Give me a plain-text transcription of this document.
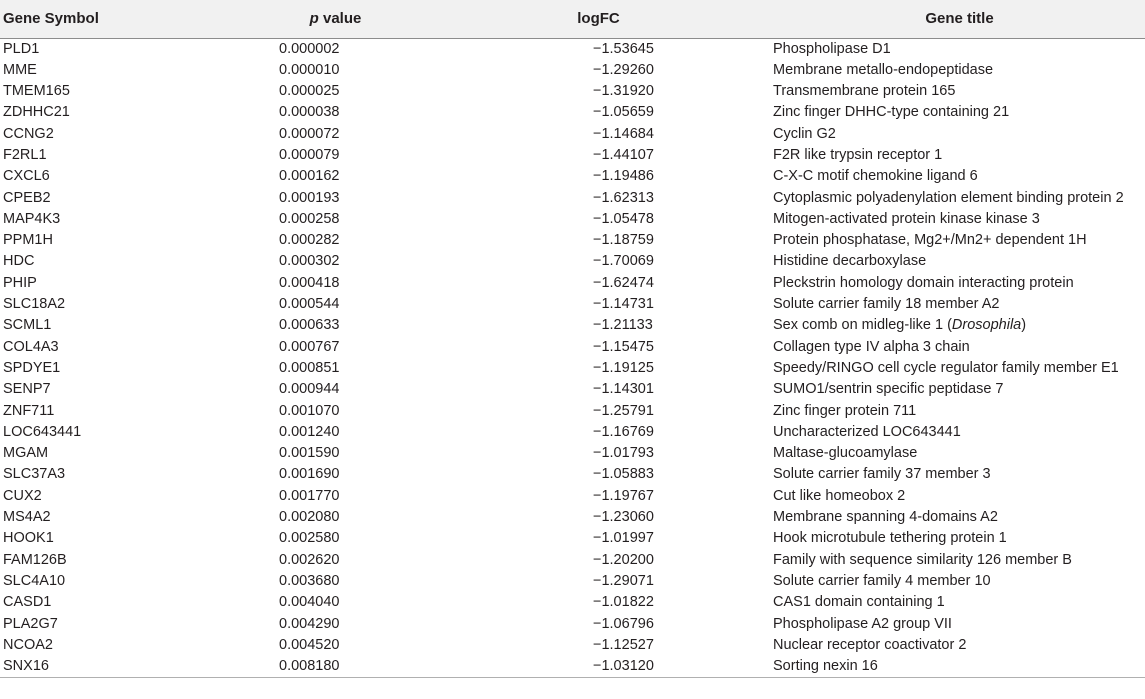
Gene Symbol	p value	logFC	Gene title
PLD1	0.000002	−1.53645	Phospholipase D1
MME	0.000010	−1.29260	Membrane metallo-endopeptidase
TMEM165	0.000025	−1.31920	Transmembrane protein 165
ZDHHC21	0.000038	−1.05659	Zinc finger DHHC-type containing 21
CCNG2	0.000072	−1.14684	Cyclin G2
F2RL1	0.000079	−1.44107	F2R like trypsin receptor 1
CXCL6	0.000162	−1.19486	C-X-C motif chemokine ligand 6
CPEB2	0.000193	−1.62313	Cytoplasmic polyadenylation element binding protein 2
MAP4K3	0.000258	−1.05478	Mitogen-activated protein kinase kinase 3
PPM1H	0.000282	−1.18759	Protein phosphatase, Mg2+/Mn2+ dependent 1H
HDC	0.000302	−1.70069	Histidine decarboxylase
PHIP	0.000418	−1.62474	Pleckstrin homology domain interacting protein
SLC18A2	0.000544	−1.14731	Solute carrier family 18 member A2
SCML1	0.000633	−1.21133	Sex comb on midleg-like 1 (Drosophila)
COL4A3	0.000767	−1.15475	Collagen type IV alpha 3 chain
SPDYE1	0.000851	−1.19125	Speedy/RINGO cell cycle regulator family member E1
SENP7	0.000944	−1.14301	SUMO1/sentrin specific peptidase 7
ZNF711	0.001070	−1.25791	Zinc finger protein 711
LOC643441	0.001240	−1.16769	Uncharacterized LOC643441
MGAM	0.001590	−1.01793	Maltase-glucoamylase
SLC37A3	0.001690	−1.05883	Solute carrier family 37 member 3
CUX2	0.001770	−1.19767	Cut like homeobox 2
MS4A2	0.002080	−1.23060	Membrane spanning 4-domains A2
HOOK1	0.002580	−1.01997	Hook microtubule tethering protein 1
FAM126B	0.002620	−1.20200	Family with sequence similarity 126 member B
SLC4A10	0.003680	−1.29071	Solute carrier family 4 member 10
CASD1	0.004040	−1.01822	CAS1 domain containing 1
PLA2G7	0.004290	−1.06796	Phospholipase A2 group VII
NCOA2	0.004520	−1.12527	Nuclear receptor coactivator 2
SNX16	0.008180	−1.03120	Sorting nexin 16
